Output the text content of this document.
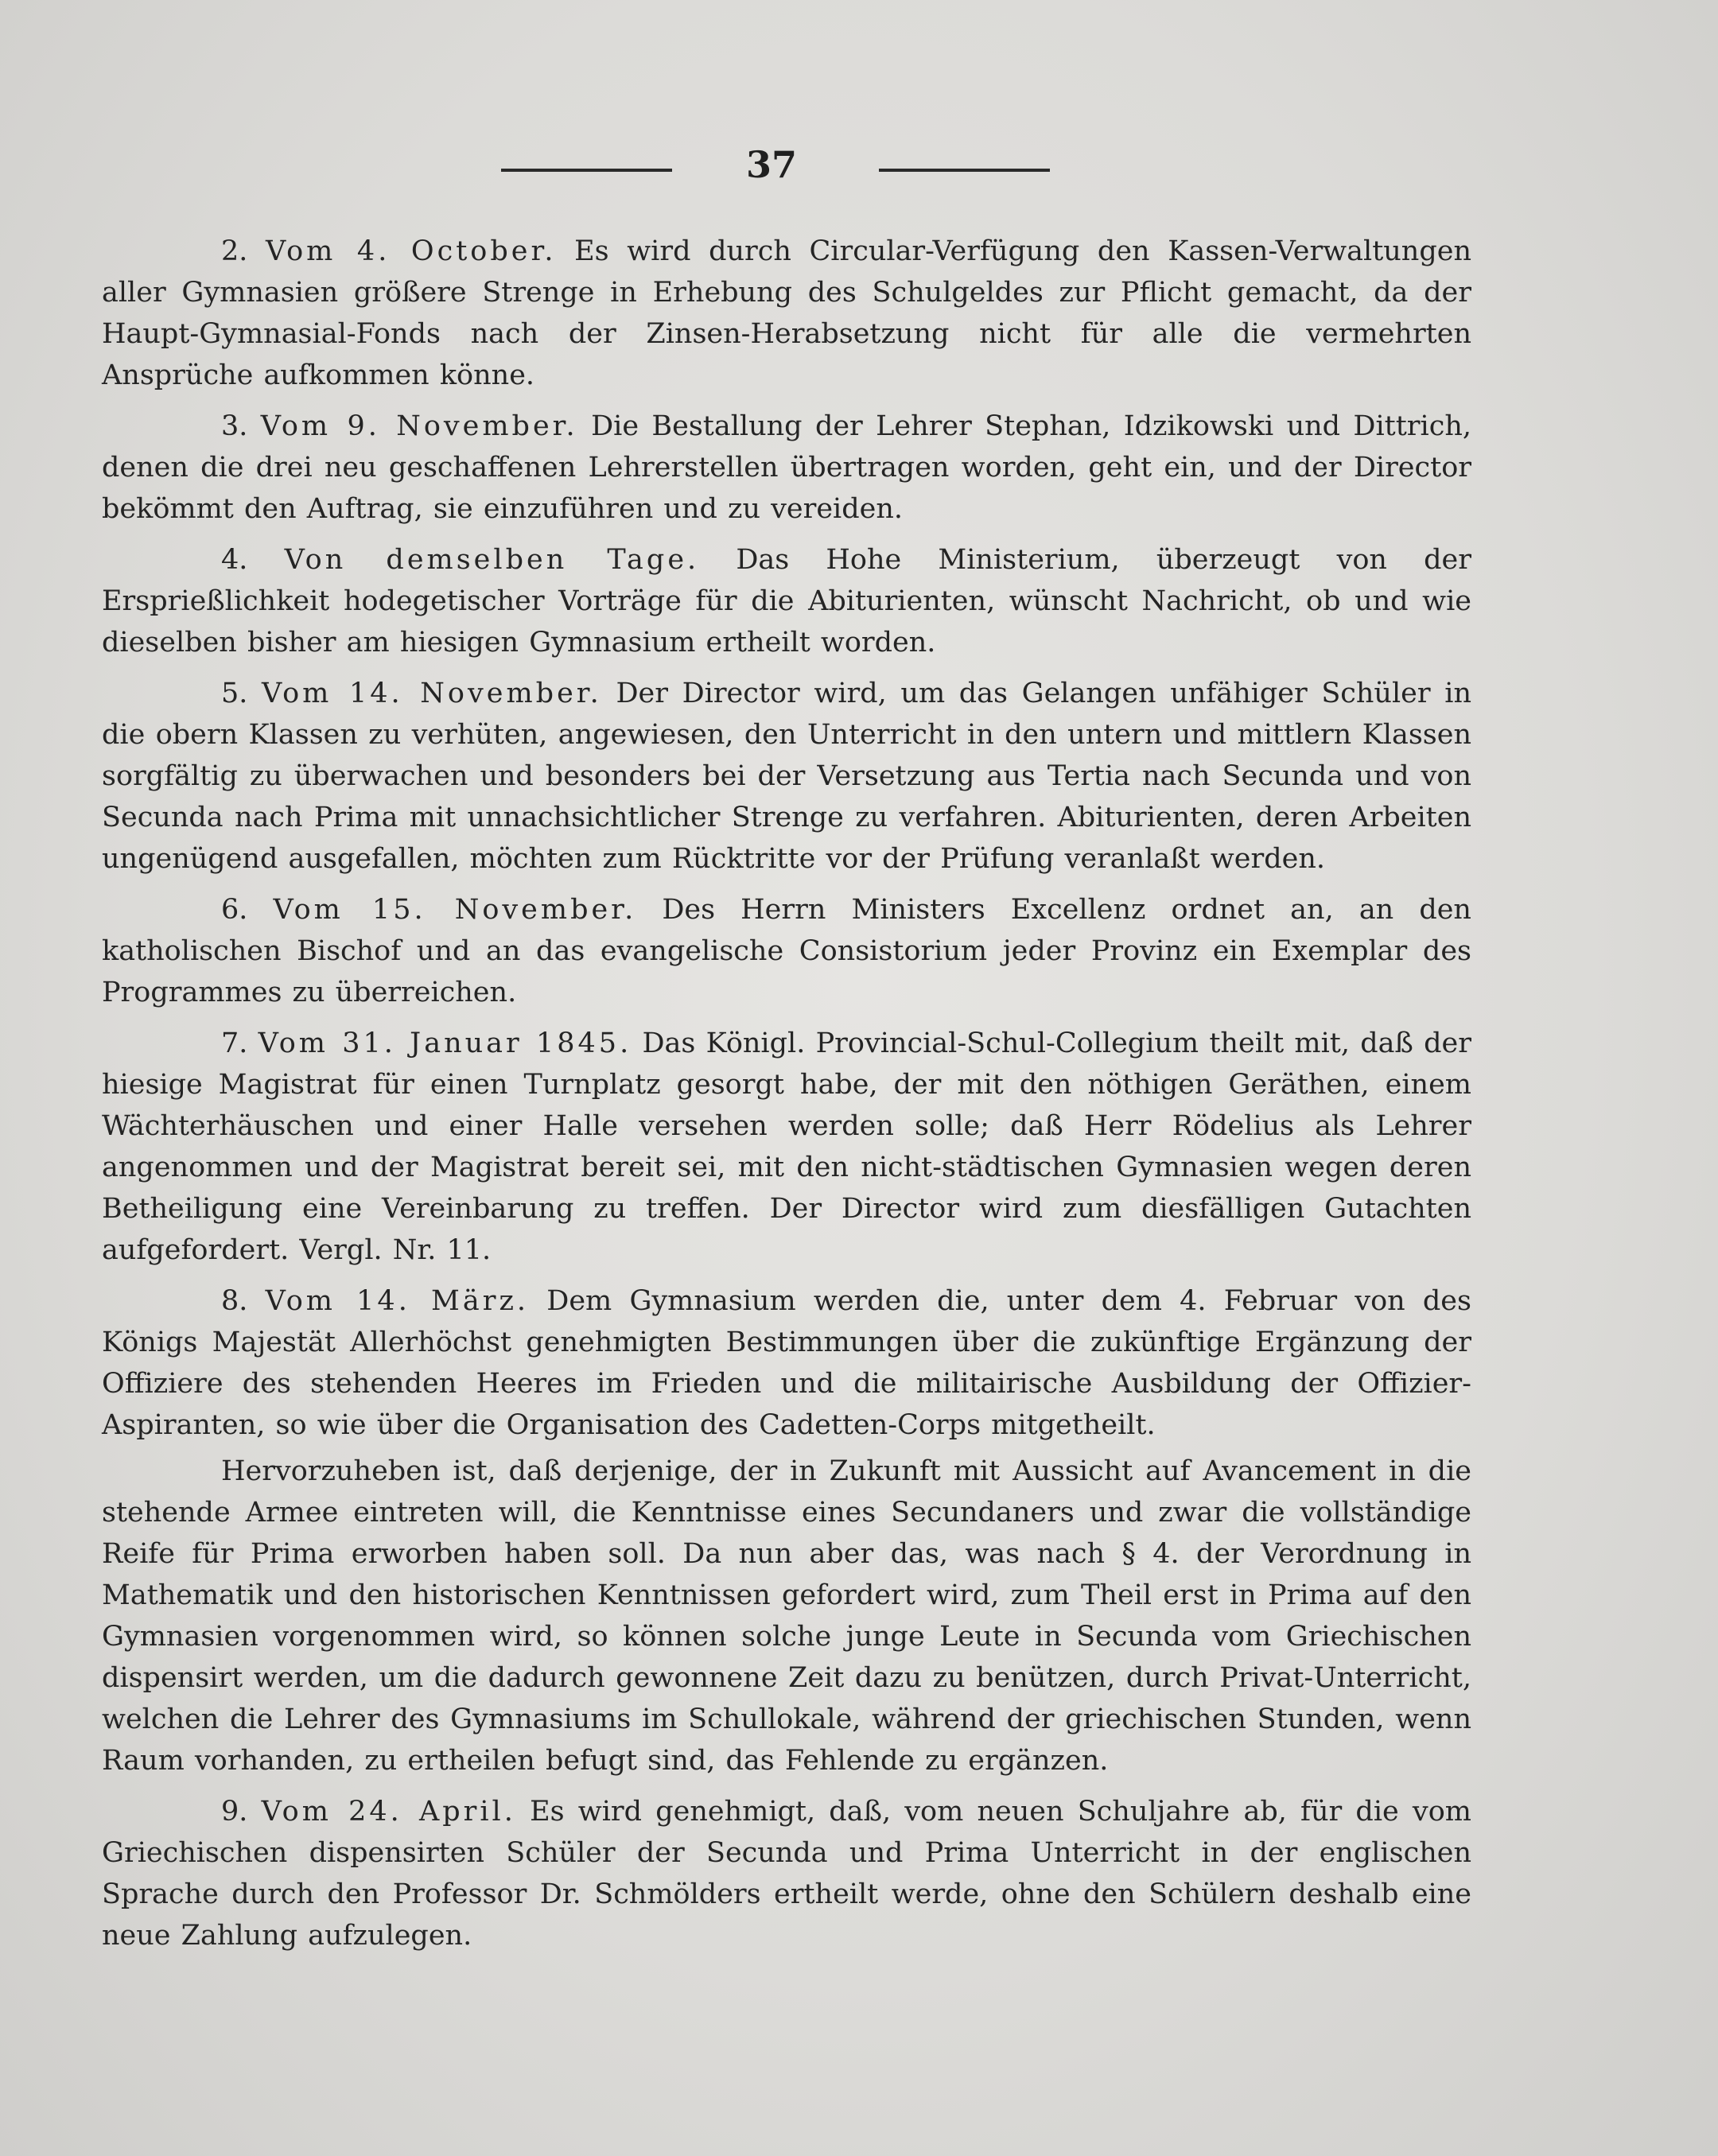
37

2. Vom 4. October. Es wird durch Circular-Verfügung den Kassen-Verwaltungen aller Gymnasien größere Strenge in Erhebung des Schulgeldes zur Pflicht gemacht, da der Haupt-Gymnasial-Fonds nach der Zinsen-Herabsetzung nicht für alle die vermehrten Ansprüche aufkommen könne.

3. Vom 9. November. Die Bestallung der Lehrer Stephan, Idzikowski und Dittrich, denen die drei neu geschaffenen Lehrerstellen übertragen worden, geht ein, und der Director bekömmt den Auftrag, sie einzuführen und zu vereiden.

4. Von demselben Tage. Das Hohe Ministerium, überzeugt von der Ersprießlichkeit hodegetischer Vorträge für die Abiturienten, wünscht Nachricht, ob und wie dieselben bisher am hiesigen Gymnasium ertheilt worden.

5. Vom 14. November. Der Director wird, um das Gelangen unfähiger Schüler in die obern Klassen zu verhüten, angewiesen, den Unterricht in den untern und mittlern Klassen sorgfältig zu überwachen und besonders bei der Versetzung aus Tertia nach Secunda und von Secunda nach Prima mit unnachsichtlicher Strenge zu verfahren. Abiturienten, deren Arbeiten ungenügend ausgefallen, möchten zum Rücktritte vor der Prüfung veranlaßt werden.

6. Vom 15. November. Des Herrn Ministers Excellenz ordnet an, an den katholischen Bischof und an das evangelische Consistorium jeder Provinz ein Exemplar des Programmes zu überreichen.

7. Vom 31. Januar 1845. Das Königl. Provincial-Schul-Collegium theilt mit, daß der hiesige Magistrat für einen Turnplatz gesorgt habe, der mit den nöthigen Geräthen, einem Wächterhäuschen und einer Halle versehen werden solle; daß Herr Rödelius als Lehrer angenommen und der Magistrat bereit sei, mit den nicht-städtischen Gymnasien wegen deren Betheiligung eine Vereinbarung zu treffen. Der Director wird zum diesfälligen Gutachten aufgefordert. Vergl. Nr. 11.

8. Vom 14. März. Dem Gymnasium werden die, unter dem 4. Februar von des Königs Majestät Allerhöchst genehmigten Bestimmungen über die zukünftige Ergänzung der Offiziere des stehenden Heeres im Frieden und die militairische Ausbildung der Offizier-Aspiranten, so wie über die Organisation des Cadetten-Corps mitgetheilt.

Hervorzuheben ist, daß derjenige, der in Zukunft mit Aussicht auf Avancement in die stehende Armee eintreten will, die Kenntnisse eines Secundaners und zwar die vollständige Reife für Prima erworben haben soll. Da nun aber das, was nach § 4. der Verordnung in Mathematik und den historischen Kenntnissen gefordert wird, zum Theil erst in Prima auf den Gymnasien vorgenommen wird, so können solche junge Leute in Secunda vom Griechischen dispensirt werden, um die dadurch gewonnene Zeit dazu zu benützen, durch Privat-Unterricht, welchen die Lehrer des Gymnasiums im Schullokale, während der griechischen Stunden, wenn Raum vorhanden, zu ertheilen befugt sind, das Fehlende zu ergänzen.

9. Vom 24. April. Es wird genehmigt, daß, vom neuen Schuljahre ab, für die vom Griechischen dispensirten Schüler der Secunda und Prima Unterricht in der englischen Sprache durch den Professor Dr. Schmölders ertheilt werde, ohne den Schülern deshalb eine neue Zahlung aufzulegen.
